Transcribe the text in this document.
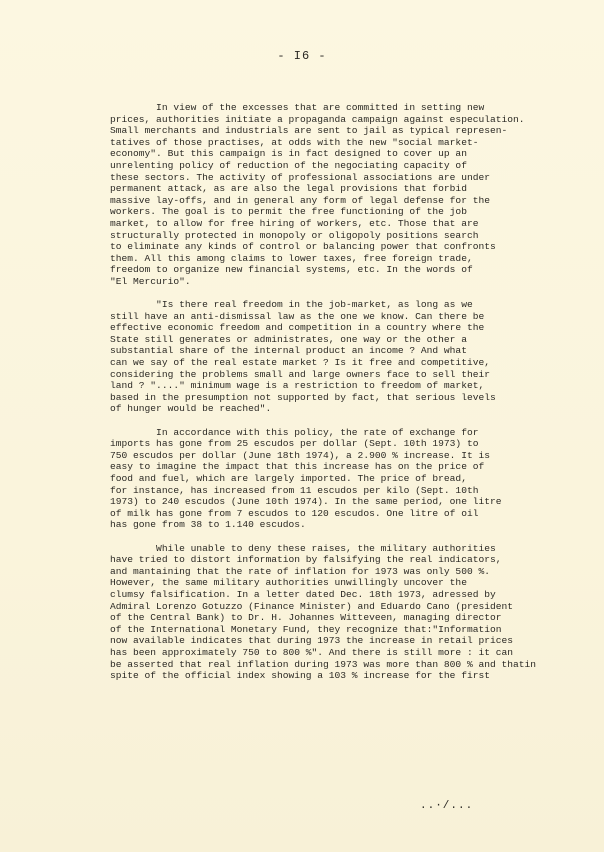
- I6 -
In view of the excesses that are committed in setting new
prices, authorities initiate a propaganda campaign against especulation.
Small merchants and industrials are sent to jail as typical represen-
tatives of those practises, at odds with the new "social market-
economy". But this campaign is in fact designed to cover up an
unrelenting policy of reduction of the negociating capacity of
these sectors. The activity of professional associations are under
permanent attack, as are also the legal provisions that forbid
massive lay-offs, and in general any form of legal defense for the
workers. The goal is to permit the free functioning of the job
market, to allow for free hiring of workers, etc. Those that are
structurally protected in monopoly or oligopoly positions search
to eliminate any kinds of control or balancing power that confronts
them. All this among claims to lower taxes, free foreign trade,
freedom to organize new financial systems, etc. In the words of
"El Mercurio".
"Is there real freedom in the job-market, as long as we
still have an anti-dismissal law as the one we know. Can there be
effective economic freedom and competition in a country where the
State still generates or administrates, one way or the other a
substantial share of the internal product an income ? And what
can we say of the real estate market ? Is it free and competitive,
considering the problems small and large owners face to sell their
land ? "...." minimum wage is a restriction to freedom of market,
based in the presumption not supported by fact, that serious levels
of hunger would be reached".
In accordance with this policy, the rate of exchange for
imports has gone from 25 escudos per dollar (Sept. 10th 1973) to
750 escudos per dollar (June 18th 1974), a 2.900 % increase. It is
easy to imagine the impact that this increase has on the price of
food and fuel, which are largely imported. The price of bread,
for instance, has increased from 11 escudos per kilo (Sept. 10th
1973) to 240 escudos (June 10th 1974). In the same period, one litre
of milk has gone from 7 escudos to 120 escudos. One litre of oil
has gone from 38 to 1.140 escudos.
While unable to deny these raises, the military authorities
have tried to distort information by falsifying the real indicators,
and mantaining that the rate of inflation for 1973 was only 500 %.
However, the same military authorities unwillingly uncover the
clumsy falsification. In a letter dated Dec. 18th 1973, adressed by
Admiral Lorenzo Gotuzzo (Finance Minister) and Eduardo Cano (president
of the Central Bank) to Dr. H. Johannes Witteveen, managing director
of the International Monetary Fund, they recognize that:"Information
now available indicates that during 1973 the increase in retail prices
has been approximately 750 to 800 %". And there is still more : it can
be asserted that real inflation during 1973 was more than 800 % and thatin
spite of the official index showing a 103 % increase for the first
..·/...
